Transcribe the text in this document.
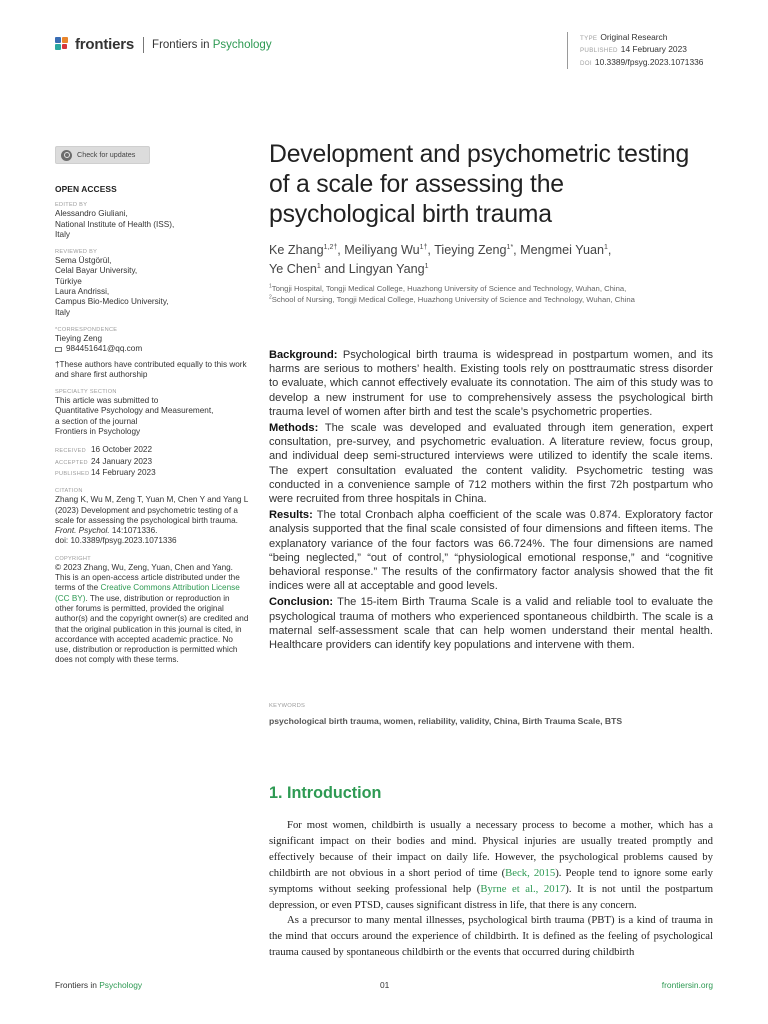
frontiers Frontiers in Psychology	TYPE Original Research
PUBLISHED 14 February 2023
DOI 10.3389/fpsyg.2023.1071336
Check for updates
OPEN ACCESS
EDITED BY
Alessandro Giuliani,
National Institute of Health (ISS),
Italy
REVIEWED BY
Sema Üstgörül,
Celal Bayar University,
Türkiye
Laura Andrissi,
Campus Bio-Medico University,
Italy
*CORRESPONDENCE
Tieying Zeng
984451641@qq.com
†These authors have contributed equally to this work and share first authorship
SPECIALTY SECTION
This article was submitted to
Quantitative Psychology and Measurement,
a section of the journal
Frontiers in Psychology
RECEIVED 16 October 2022
ACCEPTED 24 January 2023
PUBLISHED 14 February 2023
CITATION
Zhang K, Wu M, Zeng T, Yuan M, Chen Y and Yang L (2023) Development and psychometric testing of a scale for assessing the psychological birth trauma. Front. Psychol. 14:1071336.
doi: 10.3389/fpsyg.2023.1071336
COPYRIGHT
© 2023 Zhang, Wu, Zeng, Yuan, Chen and Yang. This is an open-access article distributed under the terms of the Creative Commons Attribution License (CC BY). The use, distribution or reproduction in other forums is permitted, provided the original author(s) and the copyright owner(s) are credited and that the original publication in this journal is cited, in accordance with accepted academic practice. No use, distribution or reproduction is permitted which does not comply with these terms.
Development and psychometric testing of a scale for assessing the psychological birth trauma
Ke Zhang$^{1,2\dagger}$, Meiliyang $Wu^{1\dagger}$, Tieying Zeng$^{1*}$, Mengmei Yuan$^1$,
Ye Chen$^1$ and Lingyan Yang$^1$
$^1$Tongji Hospital, Tongji Medical College, Huazhong University of Science and Technology, Wuhan, China,
$^2$School of Nursing, Tongji Medical College, Huazhong University of Science and Technology, Wuhan, China

Background: Psychological birth trauma is widespread in postpartum women, and its harms are serious to mothers’ health. Existing tools rely on posttraumatic stress disorder to evaluate, which cannot effectively evaluate its connotation. The aim of this study was to develop a new instrument for use to comprehensively assess the psychological birth trauma level of women after birth and test the scale’s psychometric properties.

Methods: The scale was developed and evaluated through item generation, expert consultation, pre-survey, and psychometric evaluation. A literature review, focus group, and individual deep semi-structured interviews were utilized to identify the scale items. The expert consultation evaluated the content validity. Psychometric testing was conducted in a convenience sample of 712 mothers within the first 72h postpartum who were recruited from three hospitals in China.

Results: The total Cronbach alpha coefficient of the scale was 0.874. Exploratory factor analysis supported that the final scale consisted of four dimensions and fifteen items. The explanatory variance of the four factors was 66.724%. The four dimensions are named “being neglected,” “out of control,” “physiological emotional response,” and “cognitive behavioral response.” The results of the confirmatory factor analysis showed that the fit indices were all at acceptable and good levels.

Conclusion: The 15-item Birth Trauma Scale is a valid and reliable tool to evaluate the psychological trauma of mothers who experienced spontaneous childbirth. The scale is a maternal self-assessment scale that can help women understand their mental health. Healthcare providers can identify key populations and intervene with them.

KEYWORDS
psychological birth trauma, women, reliability, validity, China, Birth Trauma Scale, BTS
1. Introduction

For most women, childbirth is usually a necessary process to become a mother, which has a significant impact on their bodies and mind. Physical injuries are usually treated promptly and effectively because of their impact on daily life. However, the psychological problems caused by childbirth are not obvious in a short period of time (Beck, 2015). People tend to ignore some early symptoms without seeking professional help (Byrne et al., 2017). It is not until the postpartum depression, or even PTSD, causes significant distress in life, that there is any concern.

As a precursor to many mental illnesses, psychological birth trauma (PBT) is a kind of trauma in the mind that occurs around the experience of childbirth. It is defined as the feeling of psychological trauma caused by spontaneous childbirth or the events that occurred during childbirth

Frontiers in Psychology	01	frontiersin.org
